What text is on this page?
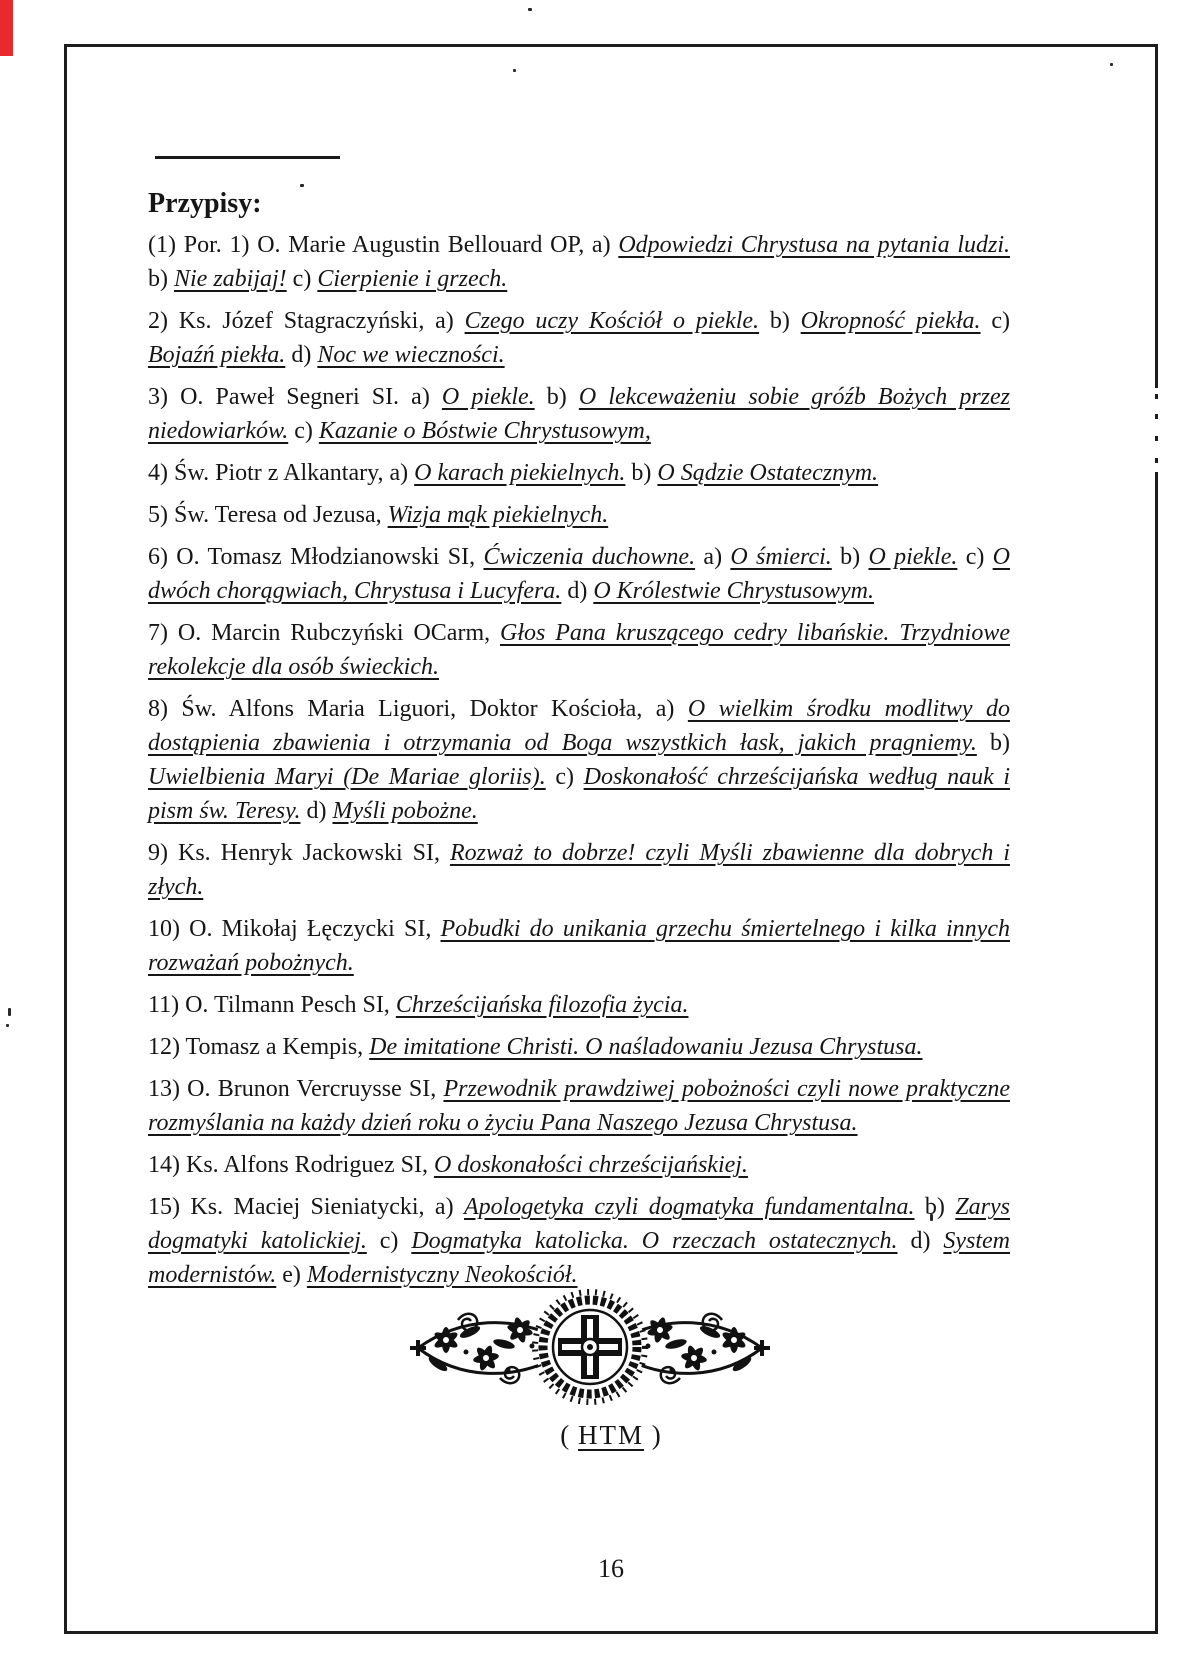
Przypisy:

(1) Por. 1) O. Marie Augustin Bellouard OP, a) Odpowiedzi Chrystusa na pytania ludzi. b) Nie zabijaj! c) Cierpienie i grzech.

2) Ks. Józef Stagraczyński, a) Czego uczy Kościół o piekle. b) Okropność piekła. c) Bojaźń piekła. d) Noc we wieczności.

3) O. Paweł Segneri SI. a) O piekle. b) O lekceważeniu sobie gróźb Bożych przez niedowiarków. c) Kazanie o Bóstwie Chrystusowym,

4) Św. Piotr z Alkantary, a) O karach piekielnych. b) O Sądzie Ostatecznym.

5) Św. Teresa od Jezusa, Wizja mąk piekielnych.

6) O. Tomasz Młodzianowski SI, Ćwiczenia duchowne. a) O śmierci. b) O piekle. c) O dwóch chorągwiach, Chrystusa i Lucyfera. d) O Królestwie Chrystusowym.

7) O. Marcin Rubczyński OCarm, Głos Pana kruszącego cedry libańskie. Trzydniowe rekolekcje dla osób świeckich.

8) Św. Alfons Maria Liguori, Doktor Kościoła, a) O wielkim środku modlitwy do dostąpienia zbawienia i otrzymania od Boga wszystkich łask, jakich pragniemy. b) Uwielbienia Maryi (De Mariae gloriis). c) Doskonałość chrześcijańska według nauk i pism św. Teresy. d) Myśli pobożne.

9) Ks. Henryk Jackowski SI, Rozważ to dobrze! czyli Myśli zbawienne dla dobrych i złych.

10) O. Mikołaj Łęczycki SI, Pobudki do unikania grzechu śmiertelnego i kilka innych rozważań pobożnych.

11) O. Tilmann Pesch SI, Chrześcijańska filozofia życia.

12) Tomasz a Kempis, De imitatione Christi. O naśladowaniu Jezusa Chrystusa.

13) O. Brunon Vercruysse SI, Przewodnik prawdziwej pobożności czyli nowe praktyczne rozmyślania na każdy dzień roku o życiu Pana Naszego Jezusa Chrystusa.

14) Ks. Alfons Rodriguez SI, O doskonałości chrześcijańskiej.

15) Ks. Maciej Sieniatycki, a) Apologetyka czyli dogmatyka fundamentalna. b) Zarys dogmatyki katolickiej. c) Dogmatyka katolicka. O rzeczach ostatecznych. d) System modernistów. e) Modernistyczny Neokościół.

( HTM )
16
